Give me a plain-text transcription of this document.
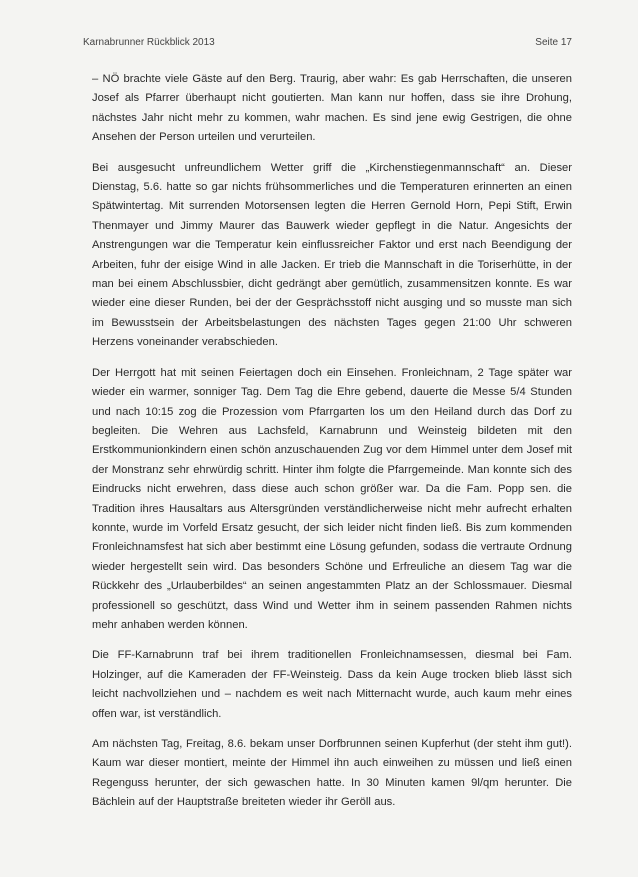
Karnabrunner Rückblick 2013	Seite 17

– NÖ brachte viele Gäste auf den Berg. Traurig, aber wahr: Es gab Herrschaften, die unseren Josef als Pfarrer überhaupt nicht goutierten. Man kann nur hoffen, dass sie ihre Drohung, nächstes Jahr nicht mehr zu kommen, wahr machen. Es sind jene ewig Gestrigen, die ohne Ansehen der Person urteilen und verurteilen.

Bei ausgesucht unfreundlichem Wetter griff die „Kirchenstiegenmannschaft“ an. Dieser Dienstag, 5.6. hatte so gar nichts frühsommerliches und die Temperaturen erinnerten an einen Spätwintertag. Mit surrenden Motorsensen legten die Herren Gernold Horn, Pepi Stift, Erwin Thenmayer und Jimmy Maurer das Bauwerk wieder gepflegt in die Natur. Angesichts der Anstrengungen war die Temperatur kein einflussreicher Faktor und erst nach Beendigung der Arbeiten, fuhr der eisige Wind in alle Jacken. Er trieb die Mannschaft in die Toriserhütte, in der man bei einem Abschlussbier, dicht gedrängt aber gemütlich, zusammensitzen konnte. Es war wieder eine dieser Runden, bei der der Gesprächsstoff nicht ausging und so musste man sich im Bewusstsein der Arbeitsbelastungen des nächsten Tages gegen 21:00 Uhr schweren Herzens voneinander verabschieden.

Der Herrgott hat mit seinen Feiertagen doch ein Einsehen. Fronleichnam, 2 Tage später war wieder ein warmer, sonniger Tag. Dem Tag die Ehre gebend, dauerte die Messe 5/4 Stunden und nach 10:15 zog die Prozession vom Pfarrgarten los um den Heiland durch das Dorf zu begleiten. Die Wehren aus Lachsfeld, Karnabrunn und Weinsteig bildeten mit den Erstkommunionkindern einen schön anzuschauenden Zug vor dem Himmel unter dem Josef mit der Monstranz sehr ehrwürdig schritt. Hinter ihm folgte die Pfarrgemeinde. Man konnte sich des Eindrucks nicht erwehren, dass diese auch schon größer war. Da die Fam. Popp sen. die Tradition ihres Hausaltars aus Altersgründen verständlicherweise nicht mehr aufrecht erhalten konnte, wurde im Vorfeld Ersatz gesucht, der sich leider nicht finden ließ. Bis zum kommenden Fronleichnamsfest hat sich aber bestimmt eine Lösung gefunden, sodass die vertraute Ordnung wieder hergestellt sein wird. Das besonders Schöne und Erfreuliche an diesem Tag war die Rückkehr des „Urlauberbildes“ an seinen angestammten Platz an der Schlossmauer. Diesmal professionell so geschützt, dass Wind und Wetter ihm in seinem passenden Rahmen nichts mehr anhaben werden können.

Die FF-Karnabrunn traf bei ihrem traditionellen Fronleichnamsessen, diesmal bei Fam. Holzinger, auf die Kameraden der FF-Weinsteig. Dass da kein Auge trocken blieb lässt sich leicht nachvollziehen und – nachdem es weit nach Mitternacht wurde, auch kaum mehr eines offen war, ist verständlich.

Am nächsten Tag, Freitag, 8.6. bekam unser Dorfbrunnen seinen Kupferhut (der steht ihm gut!). Kaum war dieser montiert, meinte der Himmel ihn auch einweihen zu müssen und ließ einen Regenguss herunter, der sich gewaschen hatte. In 30 Minuten kamen 9l/qm herunter. Die Bächlein auf der Hauptstraße breiteten wieder ihr Geröll aus.
